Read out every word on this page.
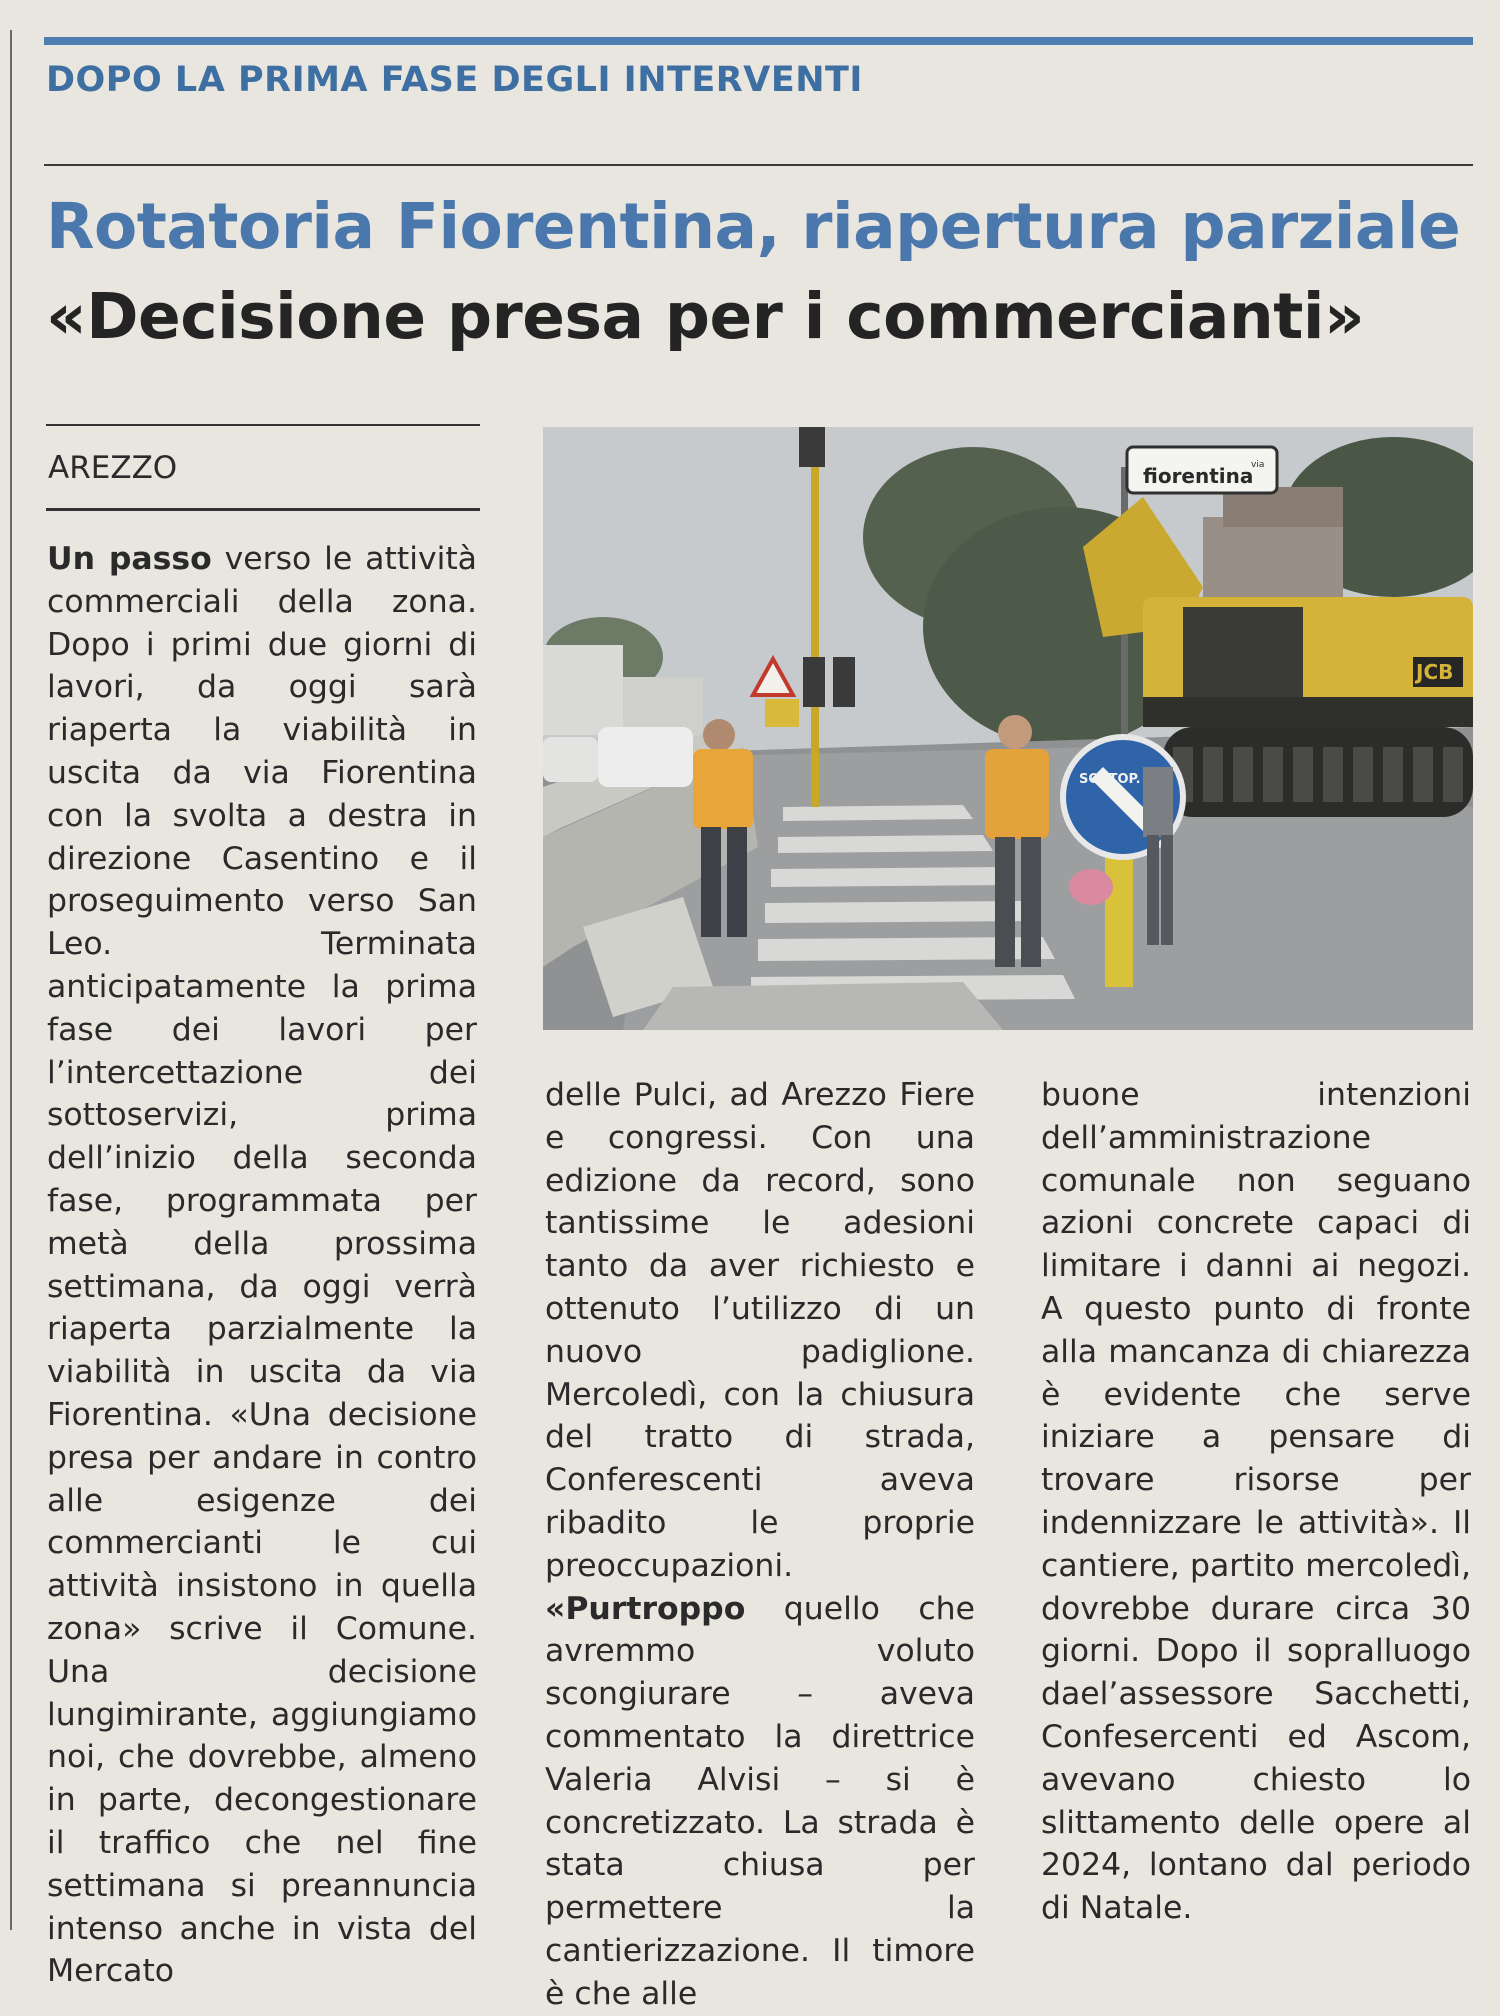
DOPO LA PRIMA FASE DEGLI INTERVENTI
Rotatoria Fiorentina, riapertura parziale
«Decisione presa per i commercianti»
AREZZO

Un passo verso le attività commerciali della zona. Dopo i primi due giorni di lavori, da oggi sarà riaperta la viabilità in uscita da via Fiorentina con la svolta a destra in direzione Casentino e il proseguimento verso San Leo. Terminata anticipatamente la prima fase dei lavori per l’intercettazione dei sottoservizi, prima dell’inizio della seconda fase, programmata per metà della prossima settimana, da oggi verrà riaperta parzialmente la viabilità in uscita da via Fiorentina. «Una decisione presa per andare in contro alle esigenze dei commercianti le cui attività insistono in quella zona» scrive il Comune. Una decisione lungimirante, aggiungiamo noi, che dovrebbe, almeno in parte, decongestionare il traffico che nel fine settimana si preannuncia intenso anche in vista del Mercato

delle Pulci, ad Arezzo Fiere e congressi. Con una edizione da record, sono tantissime le adesioni tanto da aver richiesto e ottenuto l’utilizzo di un nuovo padiglione. Mercoledì, con la chiusura del tratto di strada, Conferescenti aveva ribadito le proprie preoccupazioni.

«Purtroppo quello che avremmo voluto scongiurare – aveva commentato la direttrice Valeria Alvisi – si è concretizzato. La strada è stata chiusa per permettere la cantierizzazione. Il timore è che alle

buone intenzioni dell’amministrazione comunale non seguano azioni concrete capaci di limitare i danni ai negozi. A questo punto di fronte alla mancanza di chiarezza è evidente che serve iniziare a pensare di trovare risorse per indennizzare le attività». Il cantiere, partito mercoledì, dovrebbe durare circa 30 giorni. Dopo il sopralluogo dael’assessore Sacchetti, Confesercenti ed Ascom, avevano chiesto lo slittamento delle opere al 2024, lontano dal periodo di Natale.

fiorentina
via
JCB
SOTTOP.
